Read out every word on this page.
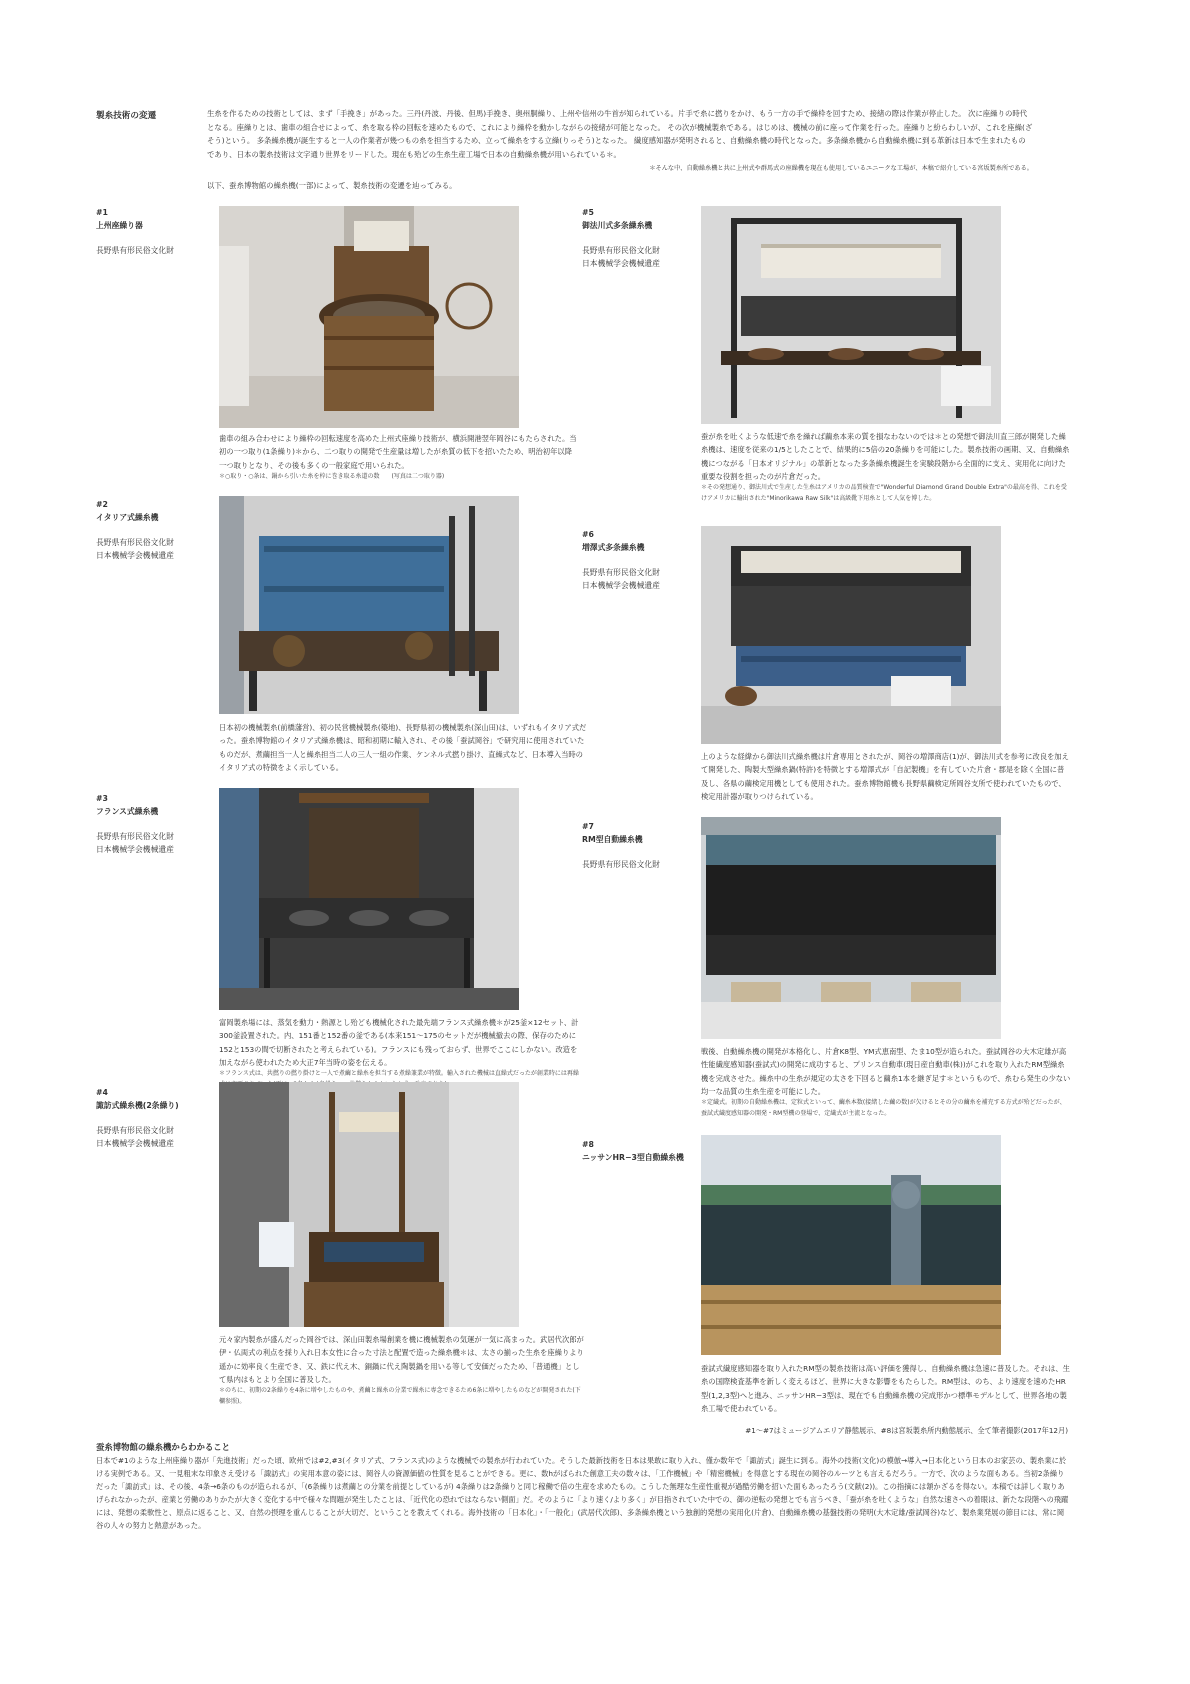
製糸技術の変遷	生糸を作るための技術としては、まず「手挽き」があった。三丹(丹波、丹後、但馬)手挽き、奥州胴繰り、上州や信州の牛首が知られている。片手で糸に撚りをかけ、もう一方の手で繰枠を回すため、接緒の際は作業が停止した。 次に座繰りの時代となる。座繰りとは、歯車の組合せによって、糸を取る枠の回転を速めたもので、これにより繰枠を動かしながらの接緒が可能となった。 その次が機械製糸である。はじめは、機械の前に座って作業を行った。座繰りと紛らわしいが、これを座繰(ざそう)という。 多条繰糸機が誕生すると一人の作業者が幾つもの糸を担当するため、立って繰糸をする立繰(りっそう)となった。 繊度感知器が発明されると、自動繰糸機の時代となった。多条繰糸機から自動繰糸機に到る革新は日本で生まれたものであり、日本の製糸技術は文字通り世界をリードした。現在も殆どの生糸生産工場で日本の自動繰糸機が用いられている＊。

＊そんな中、自動繰糸機と共に上州式や群馬式の座繰機を現在も使用しているユニークな工場が、本稿で紹介している宮坂製糸所である。

以下、蚕糸博物館の繰糸機(一部)によって、製糸技術の変遷を辿ってみる。

#1
上州座繰り器
長野県有形民俗文化財

歯車の組み合わせにより繰枠の回転速度を高めた上州式座繰り技術が、横浜開港翌年岡谷にもたらされた。当初の一つ取り(1条繰り)＊から、二つ取りの開発で生産量は増したが糸質の低下を招いたため、明治初年以降一つ取りとなり、その後も多くの一般家庭で用いられた。

＊○取り・○条は、鍋から引いた糸を枠に巻き取る糸道の数　　(写真は二つ取り器)

#2
イタリア式繰糸機
長野県有形民俗文化財
日本機械学会機械遺産

日本初の機械製糸(前橋藩営)、初の民営機械製糸(築地)、長野県初の機械製糸(深山田)は、いずれもイタリア式だった。蚕糸博物館のイタリア式繰糸機は、昭和初期に輸入され、その後「蚕試岡谷」で研究用に使用されていたものだが、煮繭担当一人と繰糸担当二人の三人一組の作業、ケンネル式撚り掛け、直繰式など、日本導入当時のイタリア式の特徴をよく示している。

#3
フランス式繰糸機
長野県有形民俗文化財
日本機械学会機械遺産

富岡製糸場には、蒸気を動力・熱源とし殆ども機械化された最先端フランス式繰糸機＊が25釜×12セット、計300釜設置された。内、151番と152番の釜である(本来151〜175のセットだが機械撤去の際、保存のために152と153の間で切断されたと考えられている)。フランスにも残っておらず、世界でここにしかない。改造を加えながら使われたため大正7年当時の姿を伝える。

＊フランス式は、共撚りの撚り掛けと一人で煮繭と繰糸を担当する煮繰兼業が特徴。輸入された機械は直繰式だったが創業時には再繰

#4
諏訪式繰糸機(2条繰り)
長野県有形民俗文化財
日本機械学会機械遺産

元々家内製糸が盛んだった岡谷では、深山田製糸場創業を機に機械製糸の気運が一気に高まった。武居代次郎が伊・仏両式の利点を採り入れ日本女性に合った寸法と配置で造った繰糸機＊は、太さの揃った生糸を座繰りより遥かに効率良く生産でき、又、鉄に代え木、銅鍋に代え陶製鍋を用いる等して安価だったため、「普通機」として県内はもとより全国に普及した。

＊のちに、初期の2条繰りを4条に増やしたものや、煮繭と繰糸の分業で繰糸に専念できるため6条に増やしたものなどが開発された(下欄参照)。

#5
御法川式多条繰糸機
長野県有形民俗文化財
日本機械学会機械遺産

蚕が糸を吐くような低速で糸を繰れば繭糸本来の質を損なわないのでは＊との発想で御法川直三郎が開発した繰糸機は、速度を従来の1/5としたことで、結果的に5倍の20条繰りを可能にした。製糸技術の画期、又、自動繰糸機につながる「日本オリジナル」の革新となった多条繰糸機誕生を実験段階から全面的に支え、実用化に向けた重要な役割を担ったのが片倉だった。

＊その発想通り、御法川式で生産した生糸はアメリカの品質検査で"Wonderful Diamond Grand Double Extra"の最高を得、これを受けアメリカに輸出された"Minorikawa Raw Silk"は高級靴下用糸として人気を博した。

#6
増澤式多条繰糸機
長野県有形民俗文化財
日本機械学会機械遺産

上のような経緯から御法川式繰糸機は片倉専用とされたが、岡谷の増澤商店(1)が、御法川式を参考に改良を加えて開発した、陶製大型繰糸鍋(特許)を特徴とする増澤式が「自記製機」を有していた片倉・郡是を除く全国に普及し、各県の繭検定用機としても使用された。蚕糸博物館機も長野県繭検定所岡谷支所で使われていたもので、検定用計器が取りつけられている。

#7
RM型自動繰糸機
長野県有形民俗文化財

戦後、自動繰糸機の開発が本格化し、片倉K8型、YM式恵南型、たま10型が造られた。蚕試岡谷の大木定雄が高性能繊度感知器(蚕試式)の開発に成功すると、プリンス自動車(現日産自動車(株))がこれを取り入れたRM型繰糸機を完成させた。繰糸中の生糸が規定の太さを下回ると繭糸1本を継ぎ足す＊というもので、糸むら発生の少ない均一な品質の生糸生産を可能にした。

＊定繊式。初期の自動繰糸機は、定粒式といって、繭糸本数(接緒した繭の数)が欠けるとその分の繭糸を補充する方式が殆どだったが、蚕試式繊度感知器の開発・RM型機の登場で、定繊式が主流となった。

#8
ニッサンHR−3型自動繰糸機

蚕試式繊度感知器を取り入れたRM型の製糸技術は高い評価を獲得し、自動繰糸機は急速に普及した。それは、生糸の国際検査基準を新しく変えるほど、世界に大きな影響をもたらした。RM型は、のち、より速度を速めたHR型(1,2,3型)へと進み、ニッサンHR−3型は、現在でも自動繰糸機の完成形かつ標準モデルとして、世界各地の製糸工場で使われている。

#1〜#7はミュージアムエリア静態展示、#8は宮坂製糸所内動態展示、全て筆者撮影(2017年12月)
蚕糸博物館の繰糸機からわかること
日本で#1のような上州座繰り器が「先進技術」だった頃、欧州では#2,#3(イタリア式、フランス式)のような機械での製糸が行われていた。そうした最新技術を日本は果敢に取り入れ、僅か数年で「諏訪式」誕生に到る。海外の技術(文化)の模倣→導入→日本化という日本のお家芸の、製糸業に於ける実例である。又、一見粗末な印象さえ受ける「諏訪式」の実用本意の姿には、岡谷人の資源価値の性質を見ることができる。更に、数hがばられた創意工夫の数々は、「工作機械」や「精密機械」を得意とする現在の岡谷のルーツとも言えるだろう。一方で、次のような面もある。当初2条繰りだった「諏訪式」は、その後、4条→6条のものが造られるが、「(6条繰りは煮繭との分業を前提としているが) 4条繰りは2条繰りと同じ稼働で倍の生産を求めたもの。こうした無理な生産性重視が過酷労働を招いた面もあったろう(文献(2))。この指摘には頷かざるを得ない。本稿では詳しく取りあげられなかったが、産業と労働のありかたが大きく変化する中で様々な問題が発生したことは、「近代化の恐れではならない側面」だ。そのように「より速く/より多く」が目指されていた中での、御の逆転の発想とでも言うべき、「蚕が糸を吐くような」自然な速さへの着眼は、新たな段階への飛躍には、発想の柔軟性と、原点に返ること、又、自然の摂理を重んじることが大切だ、ということを教えてくれる。海外技術の「日本化」・「一般化」(武居代次郎)、多条繰糸機という独創的発想の実用化(片倉)、自動繰糸機の基盤技術の発明(大木定雄/蚕試岡谷)など、製糸業発展の節目には、常に岡谷の人々の努力と熱意があった。
